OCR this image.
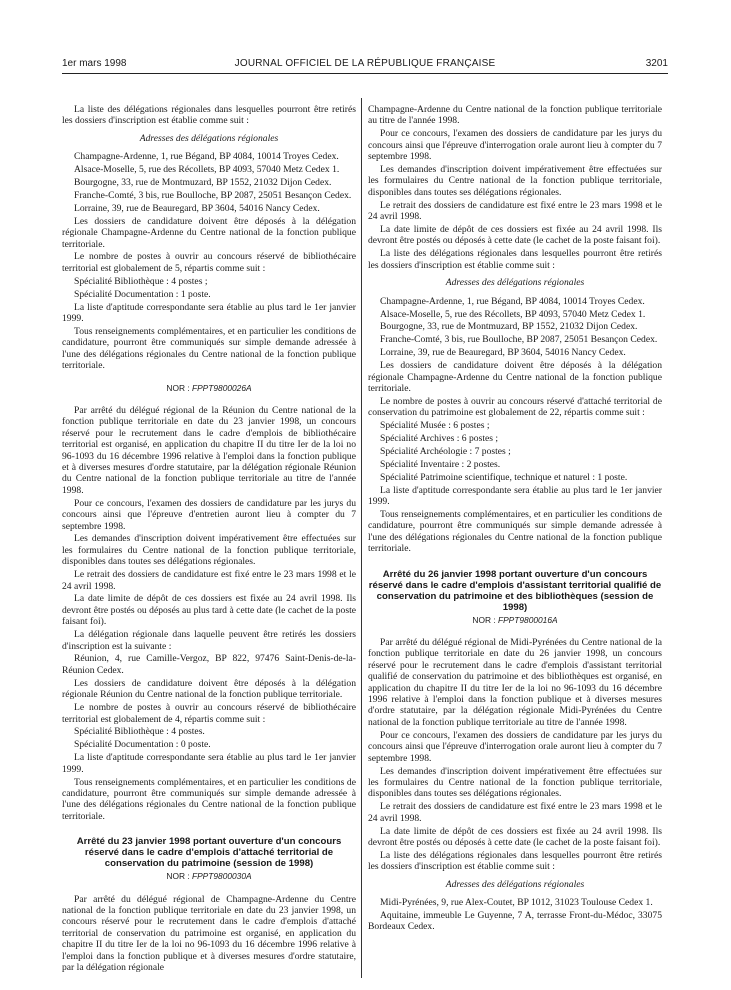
1er mars 1998	JOURNAL OFFICIEL DE LA RÉPUBLIQUE FRANÇAISE	3201

La liste des délégations régionales dans lesquelles pourront être retirés les dossiers d'inscription est établie comme suit :

Adresses des délégations régionales

Champagne-Ardenne, 1, rue Bégand, BP 4084, 10014 Troyes Cedex.

Alsace-Moselle, 5, rue des Récollets, BP 4093, 57040 Metz Cedex 1.

Bourgogne, 33, rue de Montmuzard, BP 1552, 21032 Dijon Cedex.

Franche-Comté, 3 bis, rue Boulloche, BP 2087, 25051 Besançon Cedex.

Lorraine, 39, rue de Beauregard, BP 3604, 54016 Nancy Cedex.

Les dossiers de candidature doivent être déposés à la délégation régionale Champagne-Ardenne du Centre national de la fonction publique territoriale.

Le nombre de postes à ouvrir au concours réservé de bibliothécaire territorial est globalement de 5, répartis comme suit :

Spécialité Bibliothèque : 4 postes ;

Spécialité Documentation : 1 poste.

La liste d'aptitude correspondante sera établie au plus tard le 1er janvier 1999.

Tous renseignements complémentaires, et en particulier les conditions de candidature, pourront être communiqués sur simple demande adressée à l'une des délégations régionales du Centre national de la fonction publique territoriale.

NOR : FPPT9800026A

Par arrêté du délégué régional de la Réunion du Centre national de la fonction publique territoriale en date du 23 janvier 1998, un concours réservé pour le recrutement dans le cadre d'emplois de bibliothécaire territorial est organisé, en application du chapitre II du titre Ier de la loi no 96-1093 du 16 décembre 1996 relative à l'emploi dans la fonction publique et à diverses mesures d'ordre statutaire, par la délégation régionale Réunion du Centre national de la fonction publique territoriale au titre de l'année 1998.

Pour ce concours, l'examen des dossiers de candidature par les jurys du concours ainsi que l'épreuve d'entretien auront lieu à compter du 7 septembre 1998.

Les demandes d'inscription doivent impérativement être effectuées sur les formulaires du Centre national de la fonction publique territoriale, disponibles dans toutes ses délégations régionales.

Le retrait des dossiers de candidature est fixé entre le 23 mars 1998 et le 24 avril 1998.

La date limite de dépôt de ces dossiers est fixée au 24 avril 1998. Ils devront être postés ou déposés au plus tard à cette date (le cachet de la poste faisant foi).

La délégation régionale dans laquelle peuvent être retirés les dossiers d'inscription est la suivante :

Réunion, 4, rue Camille-Vergoz, BP 822, 97476 Saint-Denis-de-la-Réunion Cedex.

Les dossiers de candidature doivent être déposés à la délégation régionale Réunion du Centre national de la fonction publique territoriale.

Le nombre de postes à ouvrir au concours réservé de bibliothécaire territorial est globalement de 4, répartis comme suit :

Spécialité Bibliothèque : 4 postes.

Spécialité Documentation : 0 poste.

La liste d'aptitude correspondante sera établie au plus tard le 1er janvier 1999.

Tous renseignements complémentaires, et en particulier les conditions de candidature, pourront être communiqués sur simple demande adressée à l'une des délégations régionales du Centre national de la fonction publique territoriale.

Arrêté du 23 janvier 1998 portant ouverture d'un concours réservé dans le cadre d'emplois d'attaché territorial de conservation du patrimoine (session de 1998)

NOR : FPPT9800030A

Par arrêté du délégué régional de Champagne-Ardenne du Centre national de la fonction publique territoriale en date du 23 janvier 1998, un concours réservé pour le recrutement dans le cadre d'emplois d'attaché territorial de conservation du patrimoine est organisé, en application du chapitre II du titre Ier de la loi no 96-1093 du 16 décembre 1996 relative à l'emploi dans la fonction publique et à diverses mesures d'ordre statutaire, par la délégation régionale

Champagne-Ardenne du Centre national de la fonction publique territoriale au titre de l'année 1998.

Pour ce concours, l'examen des dossiers de candidature par les jurys du concours ainsi que l'épreuve d'interrogation orale auront lieu à compter du 7 septembre 1998.

Les demandes d'inscription doivent impérativement être effectuées sur les formulaires du Centre national de la fonction publique territoriale, disponibles dans toutes ses délégations régionales.

Le retrait des dossiers de candidature est fixé entre le 23 mars 1998 et le 24 avril 1998.

La date limite de dépôt de ces dossiers est fixée au 24 avril 1998. Ils devront être postés ou déposés à cette date (le cachet de la poste faisant foi).

La liste des délégations régionales dans lesquelles pourront être retirés les dossiers d'inscription est établie comme suit :

Adresses des délégations régionales

Champagne-Ardenne, 1, rue Bégand, BP 4084, 10014 Troyes Cedex.

Alsace-Moselle, 5, rue des Récollets, BP 4093, 57040 Metz Cedex 1.

Bourgogne, 33, rue de Montmuzard, BP 1552, 21032 Dijon Cedex.

Franche-Comté, 3 bis, rue Boulloche, BP 2087, 25051 Besançon Cedex.

Lorraine, 39, rue de Beauregard, BP 3604, 54016 Nancy Cedex.

Les dossiers de candidature doivent être déposés à la délégation régionale Champagne-Ardenne du Centre national de la fonction publique territoriale.

Le nombre de postes à ouvrir au concours réservé d'attaché territorial de conservation du patrimoine est globalement de 22, répartis comme suit :

Spécialité Musée : 6 postes ;

Spécialité Archives : 6 postes ;

Spécialité Archéologie : 7 postes ;

Spécialité Inventaire : 2 postes.

Spécialité Patrimoine scientifique, technique et naturel : 1 poste.

La liste d'aptitude correspondante sera établie au plus tard le 1er janvier 1999.

Tous renseignements complémentaires, et en particulier les conditions de candidature, pourront être communiqués sur simple demande adressée à l'une des délégations régionales du Centre national de la fonction publique territoriale.

Arrêté du 26 janvier 1998 portant ouverture d'un concours réservé dans le cadre d'emplois d'assistant territorial qualifié de conservation du patrimoine et des bibliothèques (session de 1998)

NOR : FPPT9800016A

Par arrêté du délégué régional de Midi-Pyrénées du Centre national de la fonction publique territoriale en date du 26 janvier 1998, un concours réservé pour le recrutement dans le cadre d'emplois d'assistant territorial qualifié de conservation du patrimoine et des bibliothèques est organisé, en application du chapitre II du titre Ier de la loi no 96-1093 du 16 décembre 1996 relative à l'emploi dans la fonction publique et à diverses mesures d'ordre statutaire, par la délégation régionale Midi-Pyrénées du Centre national de la fonction publique territoriale au titre de l'année 1998.

Pour ce concours, l'examen des dossiers de candidature par les jurys du concours ainsi que l'épreuve d'interrogation orale auront lieu à compter du 7 septembre 1998.

Les demandes d'inscription doivent impérativement être effectuées sur les formulaires du Centre national de la fonction publique territoriale, disponibles dans toutes ses délégations régionales.

Le retrait des dossiers de candidature est fixé entre le 23 mars 1998 et le 24 avril 1998.

La date limite de dépôt de ces dossiers est fixée au 24 avril 1998. Ils devront être postés ou déposés à cette date (le cachet de la poste faisant foi).

La liste des délégations régionales dans lesquelles pourront être retirés les dossiers d'inscription est établie comme suit :

Adresses des délégations régionales

Midi-Pyrénées, 9, rue Alex-Coutet, BP 1012, 31023 Toulouse Cedex 1.

Aquitaine, immeuble Le Guyenne, 7 A, terrasse Front-du-Médoc, 33075 Bordeaux Cedex.
